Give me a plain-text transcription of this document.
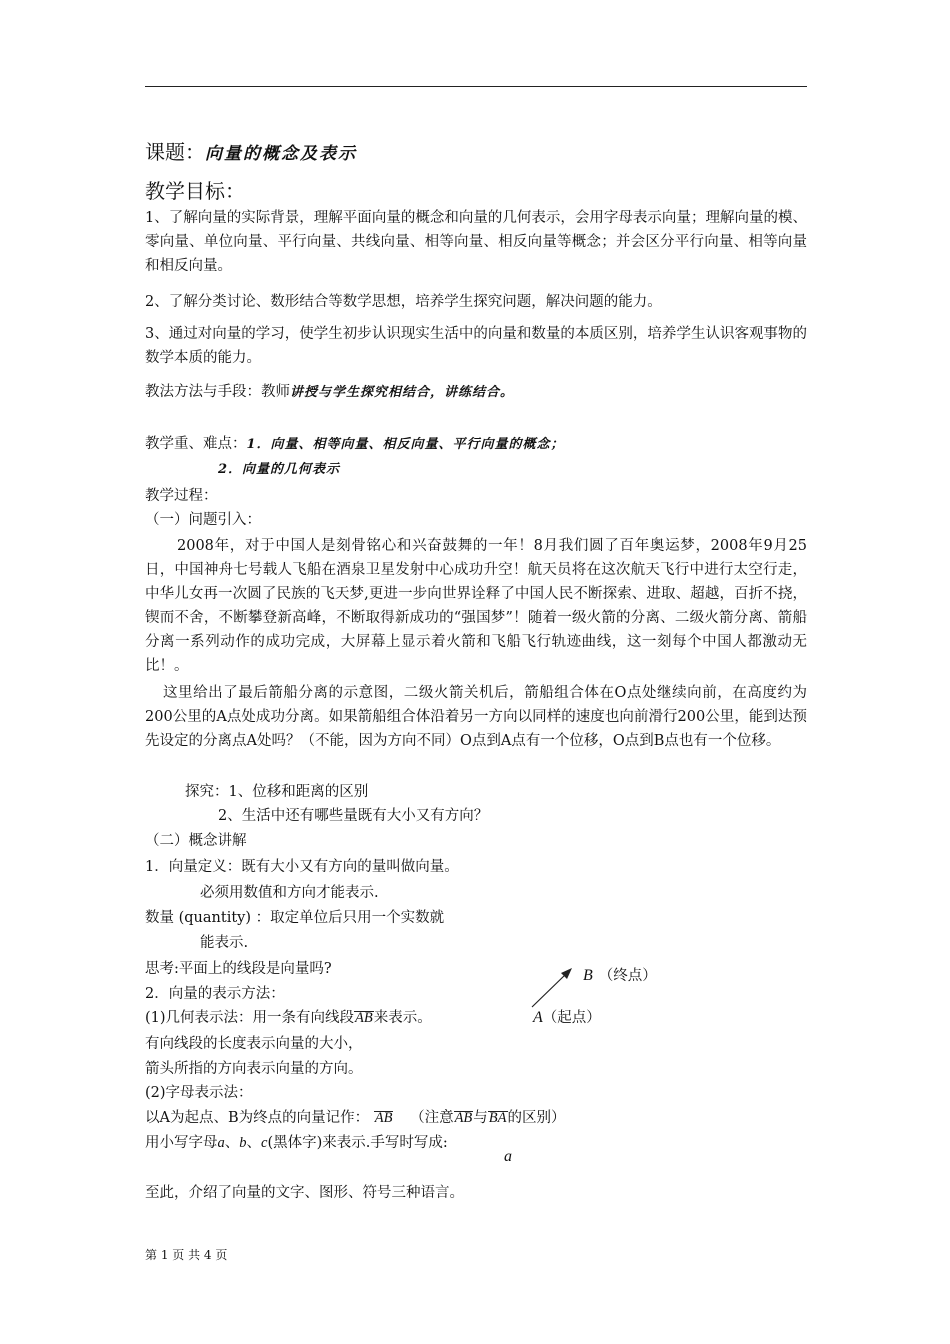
课题：向量的概念及表示
教学目标：
1、了解向量的实际背景，理解平面向量的概念和向量的几何表示，会用字母表示向量；理解向量的模、零向量、单位向量、平行向量、共线向量、相等向量、相反向量等概念；并会区分平行向量、相等向量和相反向量。
2、了解分类讨论、数形结合等数学思想，培养学生探究问题，解决问题的能力。
3、通过对向量的学习，使学生初步认识现实生活中的向量和数量的本质区别，培养学生认识客观事物的数学本质的能力。
教法方法与手段：教师讲授与学生探究相结合，讲练结合。
教学重、难点：1．向量、相等向量、相反向量、平行向量的概念；
2．向量的几何表示
教学过程：
（一）问题引入：
2008年，对于中国人是刻骨铭心和兴奋鼓舞的一年！8月我们圆了百年奥运梦，2008年9月25日，中国神舟七号载人飞船在酒泉卫星发射中心成功升空！航天员将在这次航天飞行中进行太空行走，中华儿女再一次圆了民族的飞天梦,更进一步向世界诠释了中国人民不断探索、进取、超越，百折不挠，锲而不舍，不断攀登新高峰，不断取得新成功的“强国梦”！随着一级火箭的分离、二级火箭分离、箭船分离一系列动作的成功完成，大屏幕上显示着火箭和飞船飞行轨迹曲线，这一刻每个中国人都激动无比！。
这里给出了最后箭船分离的示意图，二级火箭关机后，箭船组合体在O点处继续向前，在高度约为200公里的A点处成功分离。如果箭船组合体沿着另一方向以同样的速度也向前滑行200公里，能到达预先设定的分离点A处吗？（不能，因为方向不同）O点到A点有一个位移，O点到B点也有一个位移。
探究：1、位移和距离的区别
2、生活中还有哪些量既有大小又有方向？
（二）概念讲解
1．向量定义：既有大小又有方向的量叫做向量。
必须用数值和方向才能表示.
数量 (quantity) ：取定单位后只用一个实数就
能表示.
思考:平面上的线段是向量吗?
2．向量的表示方法：
(1)几何表示法：用一条有向线段AB来表示。
有向线段的长度表示向量的大小，
箭头所指的方向表示向量的方向。
(2)字母表示法：
以A为起点、B为终点的向量记作： AB （注意AB与BA的区别）
用小写字母a、b、c(黑体字)来表示.手写时写成:
a
至此，介绍了向量的文字、图形、符号三种语言。
B （终点）
A（起点）
第 1 页 共 4 页
